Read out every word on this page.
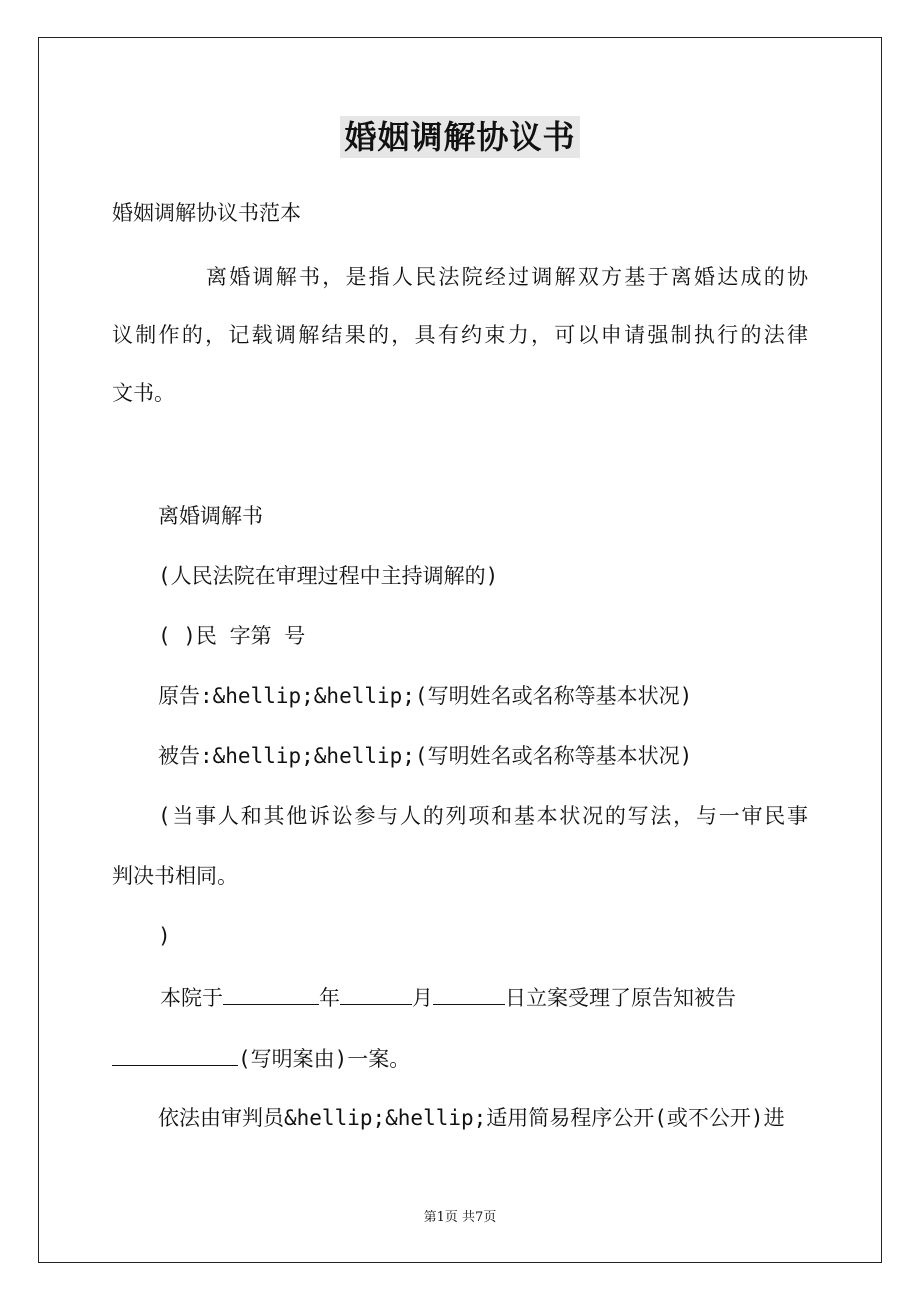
婚姻调解协议书
婚姻调解协议书范本
离婚调解书，是指人民法院经过调解双方基于离婚达成的协
议制作的，记载调解结果的，具有约束力，可以申请强制执行的法律
文书。
离婚调解书
(人民法院在审理过程中主持调解的)
( )民 字第 号
原告:&hellip;&hellip;(写明姓名或名称等基本状况)
被告:&hellip;&hellip;(写明姓名或名称等基本状况)
(当事人和其他诉讼参与人的列项和基本状况的写法，与一审民事
判决书相同。
)
本院于	年	月	日立案受理了原告知被告
(写明案由)一案。
依法由审判员&hellip;&hellip;适用简易程序公开(或不公开)进
第1页 共7页
